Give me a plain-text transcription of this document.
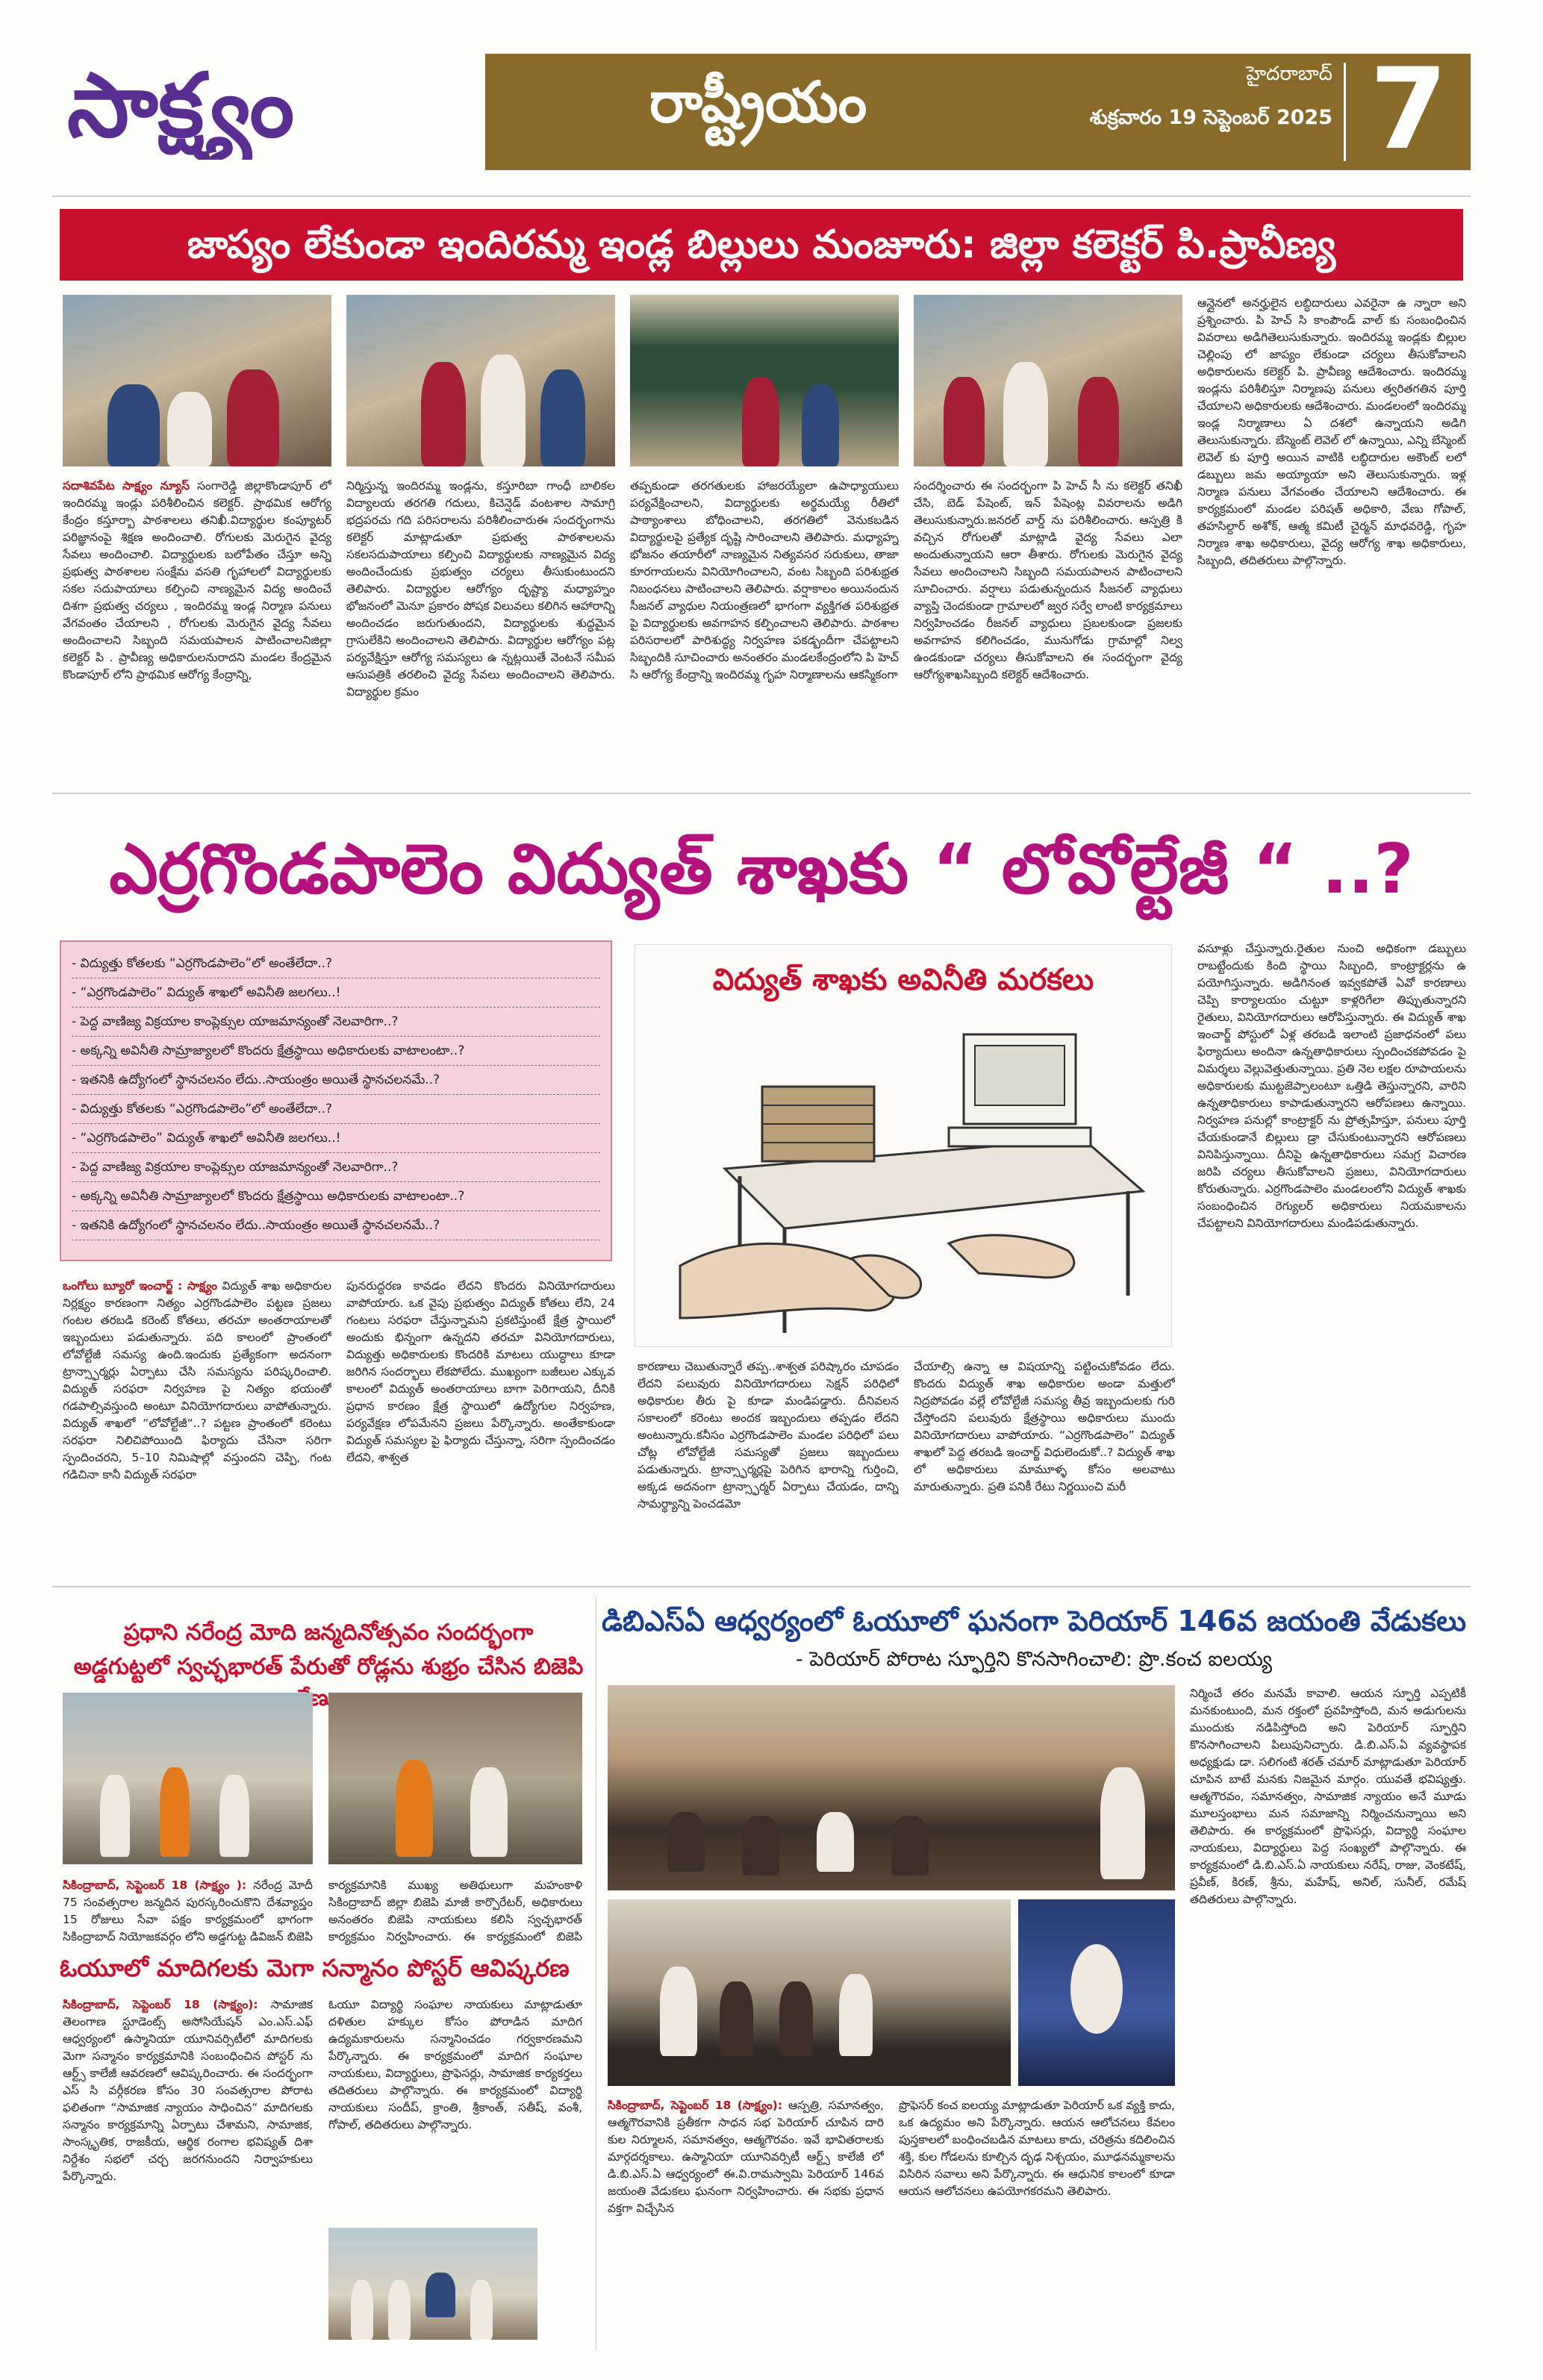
సాక్ష్యం	రాష్ట్రీయం	హైదరాబాద్
శుక్రవారం 19 సెప్టెంబర్ 2025 7
జాప్యం లేకుండా ఇందిరమ్మ ఇండ్ల బిల్లులు మంజూరు: జిల్లా కలెక్టర్ పి.ప్రావీణ్య
సదాశివపేట సాక్ష్యం న్యూస్ సంగారెడ్డి జిల్లాకొండాపూర్ లో ఇందిరమ్మ ఇండ్లు పరిశీలించిన కలెక్టర్. ప్రాథమిక ఆరోగ్య కేంద్రం కస్తూర్బా పాఠశాలలు తనిఖీ.విద్యార్థుల కంప్యూటర్ పరిజ్ఞానంపై శిక్షణ అందించాలి. రోగులకు మెరుగైన వైద్య సేవలు అందించాలి. విద్యార్థులకు బలోపేతం చేస్తూ అన్ని ప్రభుత్వ పాఠశాలల సంక్షేమ వసతి గృహాలలో విద్యార్థులకు సకల సదుపాయాలు కల్పించి నాణ్యమైన విద్య అందించే దిశగా ప్రభుత్వ చర్యలు , ఇందిరమ్మ ఇండ్ల నిర్మాణ పనులు వేగవంతం చేయాలని , రోగులకు మెరుగైన వైద్య సేవలు అందించాలని సిబ్బంది సమయపాలన పాటించాలనిజిల్లా కలెక్టర్ పి . ప్రావీణ్య అధికారులనురాదని మండల కేంద్రమైన కొండాపూర్ లోని ప్రాథమిక ఆరోగ్య కేంద్రాన్ని,
నిర్మిస్తున్న ఇందిరమ్మ ఇండ్లను, కస్తూరిబా గాంధీ బాలికల విద్యాలయ తరగతి గదులు, కిచెన్షెడ్ వంటశాల సామాగ్రి భద్రపరచు గది పరిసరాలను పరిశీలించారుఈ సందర్భంగాను కలెక్టర్ మాట్లాడుతూ ప్రభుత్వ పాఠశాలలను సకలసదుపాయాలు కల్పించి విద్యార్థులకు నాణ్యమైన విద్య అందించేందుకు ప్రభుత్వం చర్యలు తీసుకుంటుందని తెలిపారు. విద్యార్థుల ఆరోగ్యం దృష్ట్యా మధ్యాహ్నం భోజనంలో మెనూ ప్రకారం పోషక విలువలు కలిగిన ఆహారాన్ని అందించడం జరుగుతుందని, విద్యార్థులకు శుద్ధమైన గ్రాసులేకిని అందించాలని తెలిపారు. విద్యార్థుల ఆరోగ్యం పట్ల పర్యవేక్షిస్తూ ఆరోగ్య సమస్యలు ఉ న్నట్లయితే వెంటనే సమీప ఆసుపత్రికి తరలించి వైద్య సేవలు అందించాలని తెలిపారు. విద్యార్థుల క్రమం
తప్పకుండా తరగతులకు హాజరయ్యేలా ఉపాధ్యాయులు పర్యవేక్షించాలని, విద్యార్థులకు అర్థమయ్యే రీతిలో పాఠ్యాంశాలు బోధించాలని, తరగతిలో వెనుకబడిన విద్యార్థులపై ప్రత్యేక దృష్టి సారించాలని తెలిపారు. మధ్యాహ్న భోజనం తయారీలో నాణ్యమైన నిత్యవసర సరుకులు, తాజా కూరగాయలను వినియోగించాలని, వంట సిబ్బంది పరిశుభ్రత నిబంధనలు పాటించాలని తెలిపారు. వర్షాకాలం అయినందున సీజనల్ వ్యాధుల నియంత్రణలో భాగంగా వ్యక్తిగత పరిశుభ్రత పై విద్యార్థులకు అవగాహన కల్పించాలని తెలిపారు. పాఠశాల పరిసరాలలో పారిశుద్ధ్య నిర్వహణ పకడ్బందీగా చేపట్టాలని సిబ్బందికి సూచించారు అనంతరం మండలకేంద్రంలోని పి హెచ్ సి ఆరోగ్య కేంద్రాన్ని ఇందిరమ్మ గృహ నిర్మాణాలను ఆకస్మికంగా
సందర్శించారు ఈ సందర్భంగా పి హెచ్ సీ ను కలెక్టర్ తనిఖీ చేసి, బెడ్ పేషెంట్, ఇన్ పేషెంట్ల వివరాలను అడిగి తెలుసుకున్నారు.జనరల్ వార్డ్ ను పరిశీలించారు. ఆస్పత్రి కి వచ్చిన రోగులతో మాట్లాడి వైద్య సేవలు ఎలా అందుతున్నాయని ఆరా తీశారు. రోగులకు మెరుగైన వైద్య సేవలు అందించాలని సిబ్బంది సమయపాలన పాటించాలని సూచించారు. వర్షాలు పడుతున్నందున సీజనల్ వ్యాధులు వ్యాప్తి చెందకుండా గ్రామాలలో జ్వర సర్వే లాంటి కార్యక్రమాలు నిర్వహించడం రీజనల్ వ్యాధులు ప్రబలకుండా ప్రజలకు అవగాహన కలిగించడం, మునుగోడు గ్రామాల్లో నిల్వ ఉండకుండా చర్యలు తీసుకోవాలని ఈ సందర్భంగా వైద్య ఆరోగ్యశాఖసిబ్బంది కలెక్టర్ ఆదేశించారు.
ఆన్లైనలో అనర్హులైన లబ్ధిదారులు ఎవరైనా ఉ న్నారా అని ప్రశ్నించారు. పి హెచ్ సి కాంపౌండ్ వాల్ కు సంబంధించిన వివరాలు అడిగితెలుసుకున్నారు. ఇందిరమ్మ ఇండ్లకు బిల్లుల చెల్లింపు లో జాప్యం లేకుండా చర్యలు తీసుకోవాలని అధికారులను కలెక్టర్ పి. ప్రావీణ్య ఆదేశించారు. ఇందిరమ్మ ఇండ్లను పరిశీలిస్తూ నిర్మాణపు పనులు త్వరితగతిన పూర్తి చేయాలని అధికారులకు ఆదేశించారు. మండలంలో ఇందిరమ్మ ఇండ్ల నిర్మాణాలు ఏ దశలో ఉన్నాయని అడిగి తెలుసుకున్నారు. బేస్మెంట్ లెవెల్ లో ఉన్నాయి, ఎన్ని బేస్మెంట్ లెవెల్ కు పూర్తి అయిన వాటికి లబ్ధిదారుల అకౌంట్ లలో డబ్బులు జమ అయ్యాయా అని తెలుసుకున్నారు. ఇళ్ల నిర్మాణ పనులు వేగవంతం చేయాలని ఆదేశించారు. ఈ కార్యక్రమంలో మండల పరిషత్ అధికారి, వేణు గోపాల్, తహసిల్దార్ అశోక్, ఆత్మ కమిటీ చైర్మన్ మాధవరెడ్డి, గృహ నిర్మాణ శాఖ అధికారులు, వైద్య ఆరోగ్య శాఖ అధికారులు, సిబ్బంది, తదితరులు పాల్గొన్నారు.
ఎర్రగొండపాలెం విద్యుత్ శాఖకు “ లోవోల్టేజీ “ ..?
- విద్యుత్తు కోతలకు “ఎర్రగొండపాలెం”లో అంతేలేదా..?
- “ఎర్రగొండపాలెం” విద్యుత్ శాఖలో అవినీతి జలగలు..!
- పెద్ద వాణిజ్య విక్రయాల కాంప్లెక్సుల యాజమాన్యంతో నెలవారిగా..?
- అక్కన్ని అవినీతి సామ్రాజ్యాలలో కొందరు క్షేత్రస్థాయి అధికారులకు వాటాలంటా..?
- ఇతనికి ఉద్యోగంలో స్థానచలనం లేదు..సాయంత్రం అయితే స్థానచలనమే..?
- విద్యుత్తు కోతలకు “ఎర్రగొండపాలెం”లో అంతేలేదా..?
- “ఎర్రగొండపాలెం” విద్యుత్ శాఖలో అవినీతి జలగలు..!
- పెద్ద వాణిజ్య విక్రయాల కాంప్లెక్సుల యాజమాన్యంతో నెలవారిగా..?
- అక్కన్ని అవినీతి సామ్రాజ్యాలలో కొందరు క్షేత్రస్థాయి అధికారులకు వాటాలంటా..?
- ఇతనికి ఉద్యోగంలో స్థానచలనం లేదు..సాయంత్రం అయితే స్థానచలనమే..?
విద్యుత్ శాఖకు అవినీతి మరకలు
ఒంగోలు బ్యూరో ఇంచార్జ్ : సాక్ష్యం విద్యుత్ శాఖ అధికారుల నిర్లక్ష్యం కారణంగా నిత్యం ఎర్రగొండపాలెం పట్టణ ప్రజలు గంటల తరబడి కరెంట్ కోతలు, తరచూ అంతరాయాలతో ఇబ్బందులు పడుతున్నారు. పది కాలంలో ప్రాంతంలో లోవోల్టేజీ సమస్య ఉంది.ఇందుకు ప్రత్యేకంగా అదనంగా ట్రాన్స్ఫార్మర్లు ఏర్పాటు చేసి సమస్యను పరిష్కరించాలి. విద్యుత్ సరఫరా నిర్వహణ పై నిత్యం భయంతో గడపాల్సివస్తుంది అంటూ వినియోగదారులు వాపోతున్నారు. విద్యుత్ శాఖలో “లోవోల్టేజీ“..? పట్టణ ప్రాంతంలో కరెంటు సరఫరా నిలిచిపోయింది ఫిర్యాదు చేసినా సరిగా స్పందించరని, 5–10 నిమిషాల్లో వస్తుందని చెప్పి, గంట గడిచినా కానీ విద్యుత్ సరఫరా
పునరుద్ధరణ కావడం లేదని కొందరు వినియోగదారులు వాపోయారు. ఒక వైపు ప్రభుత్వం విద్యుత్ కోతలు లేని, 24 గంటలు సరఫరా చేస్తున్నామని ప్రకటిస్తుంటే క్షేత్ర స్థాయిలో అందుకు భిన్నంగా ఉన్నదని తరచూ వినియోగదారులు, విద్యుత్తు అధికారులకు కొందరికి మాటలు యుద్ధాలు కూడా జరిగిన సందర్భాలు లేకపోలేదు. ముఖ్యంగా బజీలుల ఎక్కువ కాలంలో విద్యుత్ అంతరాయాలు బాగా పెరిగాయని, దీనికి ప్రధాన కారణం క్షేత్ర స్థాయిలో ఉద్యోగుల నిర్వహణ, పర్యవేక్షణ లోపమేనని ప్రజలు పేర్కొన్నారు. అంతేకాకుండా విద్యుత్ సమస్యల పై ఫిర్యాదు చేస్తున్నా, సరిగా స్పందించడం లేదని, శాశ్వత
కారణాలు చెబుతున్నారే తప్ప..శాశ్వత పరిష్కారం చూపడం లేదని పలువురు వినియోగదారులు సెక్షన్ పరిధిలో అధికారుల తీరు పై కూడా మండిపడ్డారు. దీనివలన సకాలంలో కరెంటు అందక ఇబ్బందులు తప్పడం లేదని అంటున్నారు.కనీసం ఎర్రగొండపాలెం మండల పరిధిలో పలు చోట్ల లోవోల్టేజీ సమస్యతో ప్రజలు ఇబ్బందులు పడుతున్నారు. ట్రాన్స్ఫార్మర్లపై పెరిగిన భారాన్ని గుర్తించి, అక్కడ అదనంగా ట్రాన్స్ఫార్మర్ ఏర్పాటు చేయడం, దాన్ని సామర్థ్యాన్ని పెంచడమో
చేయాల్సి ఉన్నా ఆ విషయాన్ని పట్టించుకోవడం లేదు. కొందరు విద్యుత్ శాఖ అధికారుల అండా మత్తులో నిద్రపోవడం వల్లే లోవోల్టేజీ సమస్య తీవ్ర ఇబ్బందులకు గురి చేస్తోందని పలువురు క్షేత్రస్థాయి అధికారులు ముందు వినియోగదారులు వాపోయారు. “ఎర్రగొండపాలెం” విద్యుత్ శాఖలో పెద్ద తరబడి ఇంచార్జ్ విధులెందుకో..? విద్యుత్ శాఖ లో అధికారులు మామూళ్ళ కోసం అలవాటు మారుతున్నారు. ప్రతి పనికీ రేటు నిర్ణయించి మరీ
వసూళ్లు చేస్తున్నారు.రైతుల నుంచి అధికంగా డబ్బులు రాబట్టేందుకు కింది స్థాయి సిబ్బంది, కాంట్రాక్టర్లను ఉ పయోగిస్తున్నారు. అడిగినంత ఇవ్వకపోతే ఏవో కారణాలు చెప్పి కార్యాలయం చుట్టూ కాళ్లరిగేలా తిప్పుతున్నారని రైతులు, వినియోగదారులు ఆరోపిస్తున్నారు. ఈ విద్యుత్ శాఖ ఇంచార్జ్ పోస్టులో ఏళ్ల తరబడి ఇలాంటి ప్రజాధనంలో పలు ఫిర్యాదులు అందినా ఉన్నతాధికారులు స్పందించకపోవడం పై విమర్శలు వెల్లువెత్తుతున్నాయి. ప్రతి నెల లక్షల రూపాయలను అధికారులకు ముట్టజెప్పాలంటూ ఒత్తిడి తెస్తున్నారని, వారిని ఉన్నతాధికారులు కాపాడుతున్నారని ఆరోపణలు ఉన్నాయి. నిర్వహణ పనుల్లో కాంట్రాక్టర్ ను ప్రోత్సహిస్తూ, పనులు పూర్తి చేయకుండానే బిల్లులు డ్రా చేసుకుంటున్నారని ఆరోపణలు వినిపిస్తున్నాయి. దీనిపై ఉన్నతాధికారులు సమగ్ర విచారణ జరిపి చర్యలు తీసుకోవాలని ప్రజలు, వినియోగదారులు కోరుతున్నారు. ఎర్రగొండపాలెం మండలంలోని విద్యుత్ శాఖకు సంబంధించిన రెగ్యులర్ అధికారులు నియమకాలను చేపట్టాలని వినియోగదారులు మండిపడుతున్నారు.
ప్రధాని నరేంద్ర మోది జన్మదినోత్సవం సందర్భంగా
అడ్డగుట్టలో స్వచ్ఛభారత్ పేరుతో రోడ్లను శుభ్రం చేసిన బిజెపి
సికింద్రాబాద్, సెప్టెంబర్ 18 (సాక్ష్యం ): నరేంద్ర మోదీ 75 సంవత్సరాల జన్మదిన పురస్కరించుకొని దేశవ్యాప్తం 15 రోజులు సేవా పక్షం కార్యక్రమంలో భాగంగా సికింద్రాబాద్ నియోజకవర్గం లోని అడ్డగుట్ట డివిజన్ బిజెపి
కార్యక్రమానికి ముఖ్య అతిథులుగా మహంకాళి సికింద్రాబాద్ జిల్లా బిజెపి మాజీ కార్పొరేటర్, అధికారులు అనంతరం బిజెపి నాయకులు కలిసి స్వచ్ఛభారత్ కార్యక్రమం నిర్వహించారు. ఈ కార్యక్రమంలో బిజెపి
ఓయూలో మాదిగలకు మెగా సన్మానం పోస్టర్ ఆవిష్కరణ
సికింద్రాబాద్, సెప్టెంబర్ 18 (సాక్ష్యం): సామాజిక తెలంగాణ స్టూడెంట్స్ అసోసియేషన్ ఎం.ఎస్.ఎఫ్ ఆధ్వర్యంలో ఉస్మానియా యూనివర్సిటీలో మాదిగలకు మెగా సన్మానం కార్యక్రమానికి సంబంధించిన పోస్టర్ ను ఆర్ట్స్ కాలేజీ ఆవరణలో ఆవిష్కరించారు. ఈ సందర్భంగా ఎస్ సి వర్గీకరణ కోసం 30 సంవత్సరాల పోరాట ఫలితంగా “సామాజిక న్యాయం సాధించిన“ మాదిగలకు సన్మానం కార్యక్రమాన్ని ఏర్పాటు చేశామని, సామాజిక, సాంస్కృతిక, రాజకీయ, ఆర్థిక రంగాల భవిష్యత్ దిశా నిర్దేశం సభలో చర్చ జరగనుందని నిర్వాహకులు పేర్కొన్నారు.
ఓయూ విద్యార్థి సంఘాల నాయకులు మాట్లాడుతూ దళితుల హక్కుల కోసం పోరాడిన మాదిగ ఉద్యమకారులను సన్మానించడం గర్వకారణమని పేర్కొన్నారు. ఈ కార్యక్రమంలో మాదిగ సంఘాల నాయకులు, విద్యార్థులు, ప్రొఫెసర్లు, సామాజిక కార్యకర్తలు తదితరులు పాల్గొన్నారు. ఈ కార్యక్రమంలో విద్యార్థి నాయకులు సందీప్, క్రాంతి, శ్రీకాంత్, సతీష్, వంశీ, గోపాల్, తదితరులు పాల్గొన్నారు.
డిబిఎస్ఏ ఆధ్వర్యంలో ఓయూలో ఘనంగా పెరియార్ 146వ జయంతి వేడుకలు
- పెరియార్ పోరాట స్ఫూర్తిని కొనసాగించాలి: ప్రొ.కంచ ఐలయ్య
సికింద్రాబాద్, సెప్టెంబర్ 18 (సాక్ష్యం): ఆస్పత్రి, సమానత్వం, ఆత్మగౌరవానికి ప్రతీకగా సాధన సభ పెరియార్ చూపిన దారి కుల నిర్మూలన, సమానత్వం, ఆత్మగౌరవం. ఇవే భావితరాలకు మార్గదర్శకాలు. ఉస్మానియా యూనివర్సిటీ ఆర్ట్స్ కాలేజీ లో డి.బి.ఎస్.ఏ ఆధ్వర్యంలో ఈ.వి.రామస్వామి పెరియార్ 146వ జయంతి వేడుకలు ఘనంగా నిర్వహించారు. ఈ సభకు ప్రధాన వక్తగా విచ్చేసిన
ప్రొఫెసర్ కంచ ఐలయ్య మాట్లాడుతూ పెరియార్ ఒక వ్యక్తి కాదు, ఒక ఉద్యమం అని పేర్కొన్నారు. ఆయన ఆలోచనలు కేవలం పుస్తకాలలో బంధించబడిన మాటలు కాదు, చరిత్రను కదిలించిన శక్తి, కుల గోడలను కూల్చిన దృఢ నిశ్చయం, మూఢనమ్మకాలను విసిరిన సవాలు అని పేర్కొన్నారు. ఈ ఆధునిక కాలంలో కూడా ఆయన ఆలోచనలు ఉపయోగకరమని తెలిపారు.
నిర్మించే తరం మనమే కావాలి. ఆయన స్ఫూర్తి ఎప్పటికీ మనకుంటుంది, మన రక్తంలో ప్రవహిస్తోంది, మన అడుగులను ముందుకు నడిపిస్తోంది అని పెరియార్ స్ఫూర్తిని కొనసాగించాలని పిలుపునిచ్చారు. డి.బి.ఎస్.ఏ వ్యవస్థాపక అధ్యక్షుడు డా. సలిగంటి శరత్ చమార్ మాట్లాడుతూ పెరియార్ చూపిన బాటే మనకు నిజమైన మార్గం. యువతే భవిష్యత్తు. ఆత్మగౌరవం, సమానత్వం, సామాజిక న్యాయం అనే మూడు మూలస్తంభాలు మన సమాజాన్ని నిర్మించనున్నాయి అని తెలిపారు. ఈ కార్యక్రమంలో ప్రొఫెసర్లు, విద్యార్థి సంఘాల నాయకులు, విద్యార్థులు పెద్ద సంఖ్యలో పాల్గొన్నారు. ఈ కార్యక్రమంలో డి.బి.ఎస్.ఏ నాయకులు నరేష్, రాజు, వెంకటేష్, ప్రవీణ్, కిరణ్, శ్రీను, మహేష్, అనిల్, సునీల్, రమేష్ తదితరులు పాల్గొన్నారు.
